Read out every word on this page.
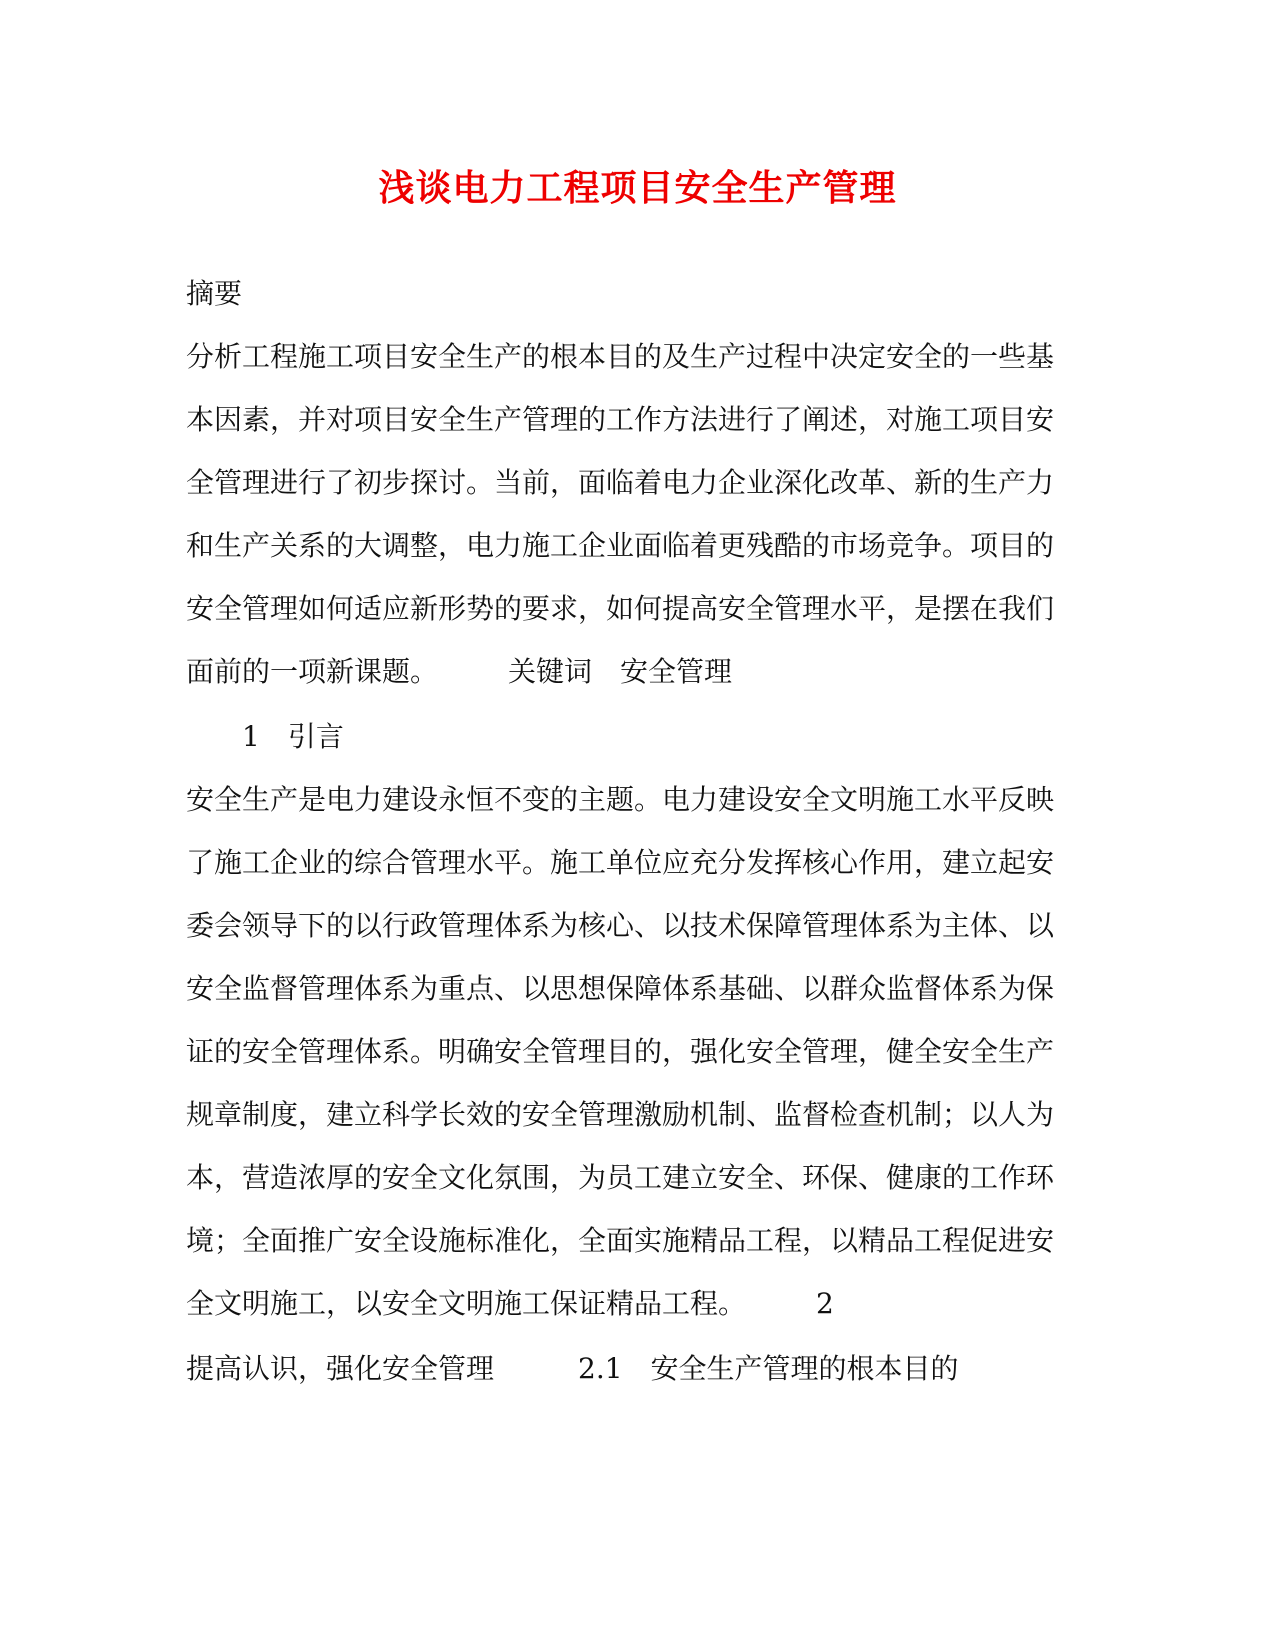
浅谈电力工程项目安全生产管理
摘要
分析工程施工项目安全生产的根本目的及生产过程中决定安全的一些基
本因素，并对项目安全生产管理的工作方法进行了阐述，对施工项目安
全管理进行了初步探讨。当前，面临着电力企业深化改革、新的生产力
和生产关系的大调整，电力施工企业面临着更残酷的市场竞争。项目的
安全管理如何适应新形势的要求，如何提高安全管理水平，是摆在我们
面前的一项新课题。　　　关键词　安全管理
　　1　引言
安全生产是电力建设永恒不变的主题。电力建设安全文明施工水平反映
了施工企业的综合管理水平。施工单位应充分发挥核心作用，建立起安
委会领导下的以行政管理体系为核心、以技术保障管理体系为主体、以
安全监督管理体系为重点、以思想保障体系基础、以群众监督体系为保
证的安全管理体系。明确安全管理目的，强化安全管理，健全安全生产
规章制度，建立科学长效的安全管理激励机制、监督检查机制；以人为
本，营造浓厚的安全文化氛围，为员工建立安全、环保、健康的工作环
境；全面推广安全设施标准化，全面实施精品工程，以精品工程促进安
全文明施工，以安全文明施工保证精品工程。　　　2
提高认识，强化安全管理　　　2.1　安全生产管理的根本目的
